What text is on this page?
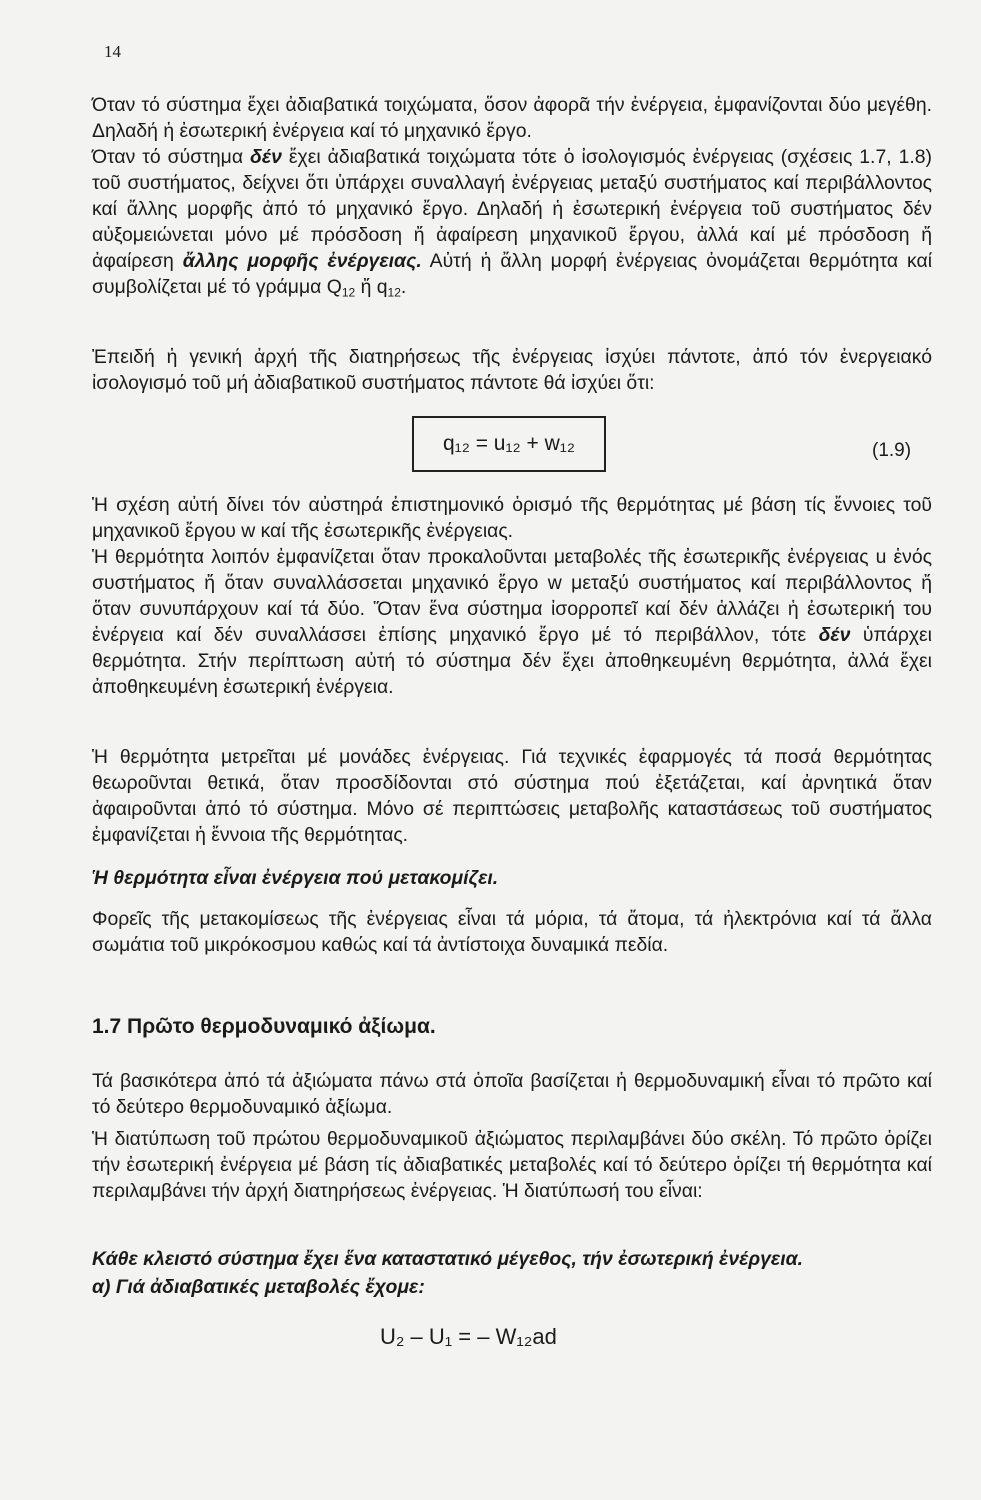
14

Όταν τό σύστημα ἔχει ἀδιαβατικά τοιχώματα, ὅσον ἀφορᾶ τήν ἐνέργεια, ἐμφανίζονται δύο μεγέθη. Δηλαδή ἡ ἐσωτερική ἐνέργεια καί τό μηχανικό ἔργο.

Όταν τό σύστημα δέν ἔχει ἀδιαβατικά τοιχώματα τότε ὁ ἰσολογισμός ἐνέργειας (σχέσεις 1.7, 1.8) τοῦ συστήματος, δείχνει ὅτι ὑπάρχει συναλλαγή ἐνέργειας μεταξύ συστήματος καί περιβάλλοντος καί ἄλλης μορφῆς ἀπό τό μηχανικό ἔργο. Δηλαδή ἡ ἐσωτερική ἐνέργεια τοῦ συστήματος δέν αὐξομειώνεται μόνο μέ πρόσδοση ἤ ἀφαίρεση μηχανικοῦ ἔργου, ἀλλά καί μέ πρόσδοση ἤ ἀφαίρεση ἄλλης μορφῆς ἐνέργειας. Αὐτή ἡ ἄλλη μορφή ἐνέργειας ὀνομάζεται θερμότητα καί συμβολίζεται μέ τό γράμμα $Q_{12}$ ἤ $q_{12}$.

Ἐπειδή ἡ γενική ἀρχή τῆς διατηρήσεως τῆς ἐνέργειας ἰσχύει πάντοτε, ἀπό τόν ἐνεργειακό ἰσολογισμό τοῦ μή ἀδιαβατικοῦ συστήματος πάντοτε θά ἰσχύει ὅτι:

q₁₂ = u₁₂ + w₁₂	(1.9)

Ἡ σχέση αὐτή δίνει τόν αὐστηρά ἐπιστημονικό ὁρισμό τῆς θερμότητας μέ βάση τίς ἔννοιες τοῦ μηχανικοῦ ἔργου w καί τῆς ἐσωτερικῆς ἐνέργειας.

Ἡ θερμότητα λοιπόν ἐμφανίζεται ὅταν προκαλοῦνται μεταβολές τῆς ἐσωτερικῆς ἐνέργειας u ἑνός συστήματος ἤ ὅταν συναλλάσσεται μηχανικό ἔργο w μεταξύ συστήματος καί περιβάλλοντος ἤ ὅταν συνυπάρχουν καί τά δύο. Ὅταν ἕνα σύστημα ἰσορροπεῖ καί δέν ἀλλάζει ἡ ἐσωτερική του ἐνέργεια καί δέν συναλλάσσει ἐπίσης μηχανικό ἔργο μέ τό περιβάλλον, τότε δέν ὑπάρχει θερμότητα. Στήν περίπτωση αὐτή τό σύστημα δέν ἔχει ἀποθηκευμένη θερμότητα, ἀλλά ἔχει ἀποθηκευμένη ἐσωτερική ἐνέργεια.

Ἡ θερμότητα μετρεῖται μέ μονάδες ἐνέργειας. Γιά τεχνικές ἐφαρμογές τά ποσά θερμότητας θεωροῦνται θετικά, ὅταν προσδίδονται στό σύστημα πού ἐξετάζεται, καί ἀρνητικά ὅταν ἀφαιροῦνται ἀπό τό σύστημα. Μόνο σέ περιπτώσεις μεταβολῆς καταστάσεως τοῦ συστήματος ἐμφανίζεται ἡ ἔννοια τῆς θερμότητας.

Ἡ θερμότητα εἶναι ἐνέργεια πού μετακομίζει.

Φορεῖς τῆς μετακομίσεως τῆς ἐνέργειας εἶναι τά μόρια, τά ἄτομα, τά ἠλεκτρόνια καί τά ἄλλα σωμάτια τοῦ μικρόκοσμου καθώς καί τά ἀντίστοιχα δυναμικά πεδία.

1.7 Πρῶτο θερμοδυναμικό ἀξίωμα.

Τά βασικότερα ἀπό τά ἀξιώματα πάνω στά ὁποῖα βασίζεται ἡ θερμοδυναμική εἶναι τό πρῶτο καί τό δεύτερο θερμοδυναμικό ἀξίωμα.

Ἡ διατύπωση τοῦ πρώτου θερμοδυναμικοῦ ἀξιώματος περιλαμβάνει δύο σκέλη. Τό πρῶτο ὁρίζει τήν ἐσωτερική ἐνέργεια μέ βάση τίς ἀδιαβατικές μεταβολές καί τό δεύτερο ὁρίζει τή θερμότητα καί περιλαμβάνει τήν ἀρχή διατηρήσεως ἐνέργειας. Ἡ διατύπωσή του εἶναι:

Κάθε κλειστό σύστημα ἔχει ἕνα καταστατικό μέγεθος, τήν ἐσωτερική ἐνέργεια.

α) Γιά ἀδιαβατικές μεταβολές ἔχομε:

U₂ – U₁ = – W₁₂ad
